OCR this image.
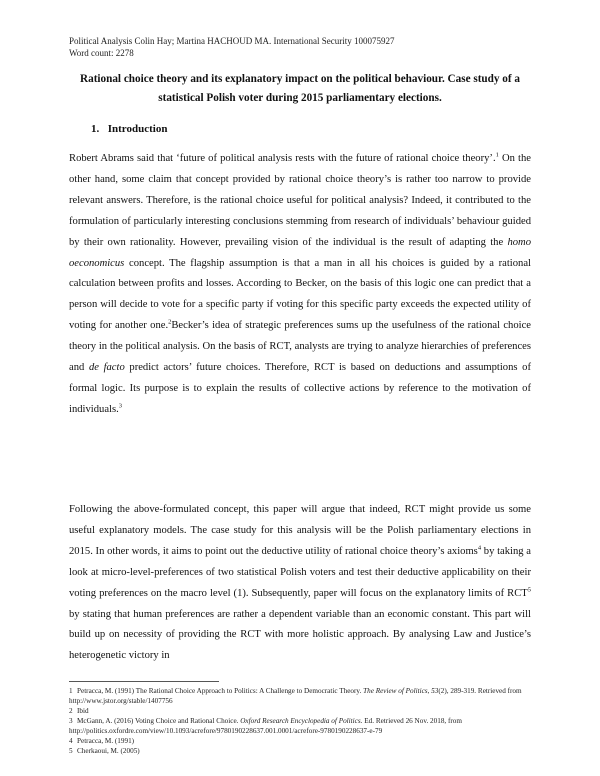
Political Analysis Colin Hay; Martina HACHOUD MA. International Security 100075927
Word count: 2278
Rational choice theory and its explanatory impact on the political behaviour. Case study of a statistical Polish voter during 2015 parliamentary elections.
1. Introduction

Robert Abrams said that ‘future of political analysis rests with the future of rational choice theory’.$^1$ On the other hand, some claim that concept provided by rational choice theory’s is rather too narrow to provide relevant answers. Therefore, is the rational choice useful for political analysis? Indeed, it contributed to the formulation of particularly interesting conclusions stemming from research of individuals’ behaviour guided by their own rationality. However, prevailing vision of the individual is the result of adapting the homo oeconomicus concept. The flagship assumption is that a man in all his choices is guided by a rational calculation between profits and losses. According to Becker, on the basis of this logic one can predict that a person will decide to vote for a specific party if voting for this specific party exceeds the expected utility of voting for another one.$^2$Becker’s idea of strategic preferences sums up the usefulness of the rational choice theory in the political analysis. On the basis of RCT, analysts are trying to analyze hierarchies of preferences and de facto predict actors’ future choices. Therefore, RCT is based on deductions and assumptions of formal logic. Its purpose is to explain the results of collective actions by reference to the motivation of individuals.$^3$

Following the above-formulated concept, this paper will argue that indeed, RCT might provide us some useful explanatory models. The case study for this analysis will be the Polish parliamentary elections in 2015. In other words, it aims to point out the deductive utility of rational choice theory’s axioms$^4$ by taking a look at micro-level-preferences of two statistical Polish voters and test their deductive applicability on their voting preferences on the macro level (1). Subsequently, paper will focus on the explanatory limits of RCT$^5$ by stating that human preferences are rather a dependent variable than an economic constant. This part will build up on necessity of providing the RCT with more holistic approach. By analysing Law and Justice’s heterogenetic victory in

1 Petracca, M. (1991) The Rational Choice Approach to Politics: A Challenge to Democratic Theory. The Review of Politics, 53(2), 289-319. Retrieved from http://www.jstor.org/stable/1407756

2 Ibid

3 McGann, A. (2016) Voting Choice and Rational Choice. Oxford Research Encyclopedia of Politics. Ed. Retrieved 26 Nov. 2018, from http://politics.oxfordre.com/view/10.1093/acrefore/9780190228637.001.0001/acrefore-9780190228637-e-79

4 Petracca, M. (1991)

5 Cherkaoui, M. (2005)
